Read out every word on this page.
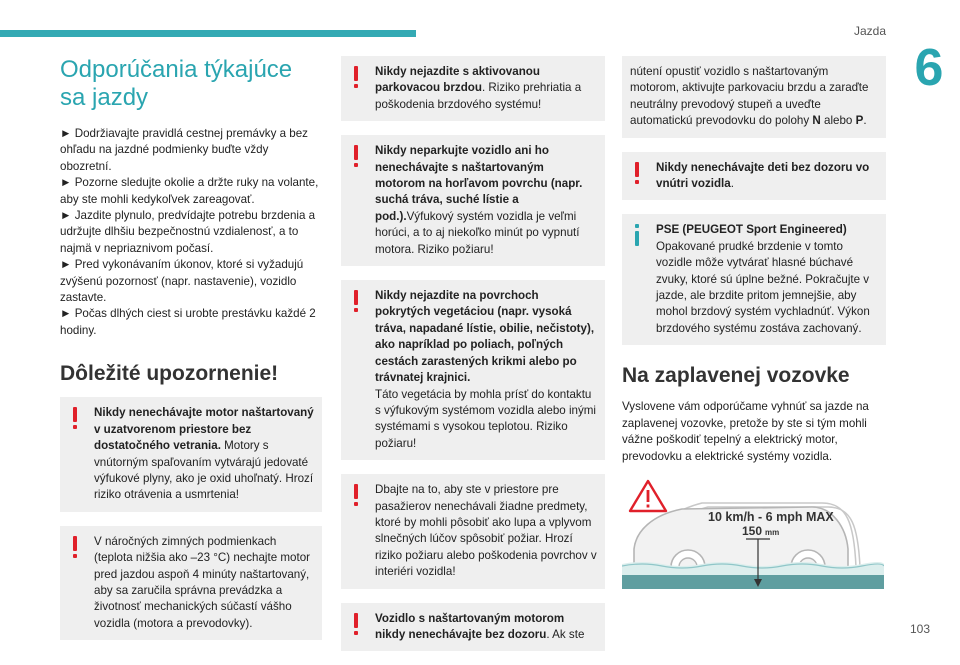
Jazda
6
103
Odporúčania týkajúce sa jazdy
► Dodržiavajte pravidlá cestnej premávky a bez ohľadu na jazdné podmienky buďte vždy obozretní.
► Pozorne sledujte okolie a držte ruky na volante, aby ste mohli kedykoľvek zareagovať.
► Jazdite plynulo, predvídajte potrebu brzdenia a udržujte dlhšiu bezpečnostnú vzdialenosť, a to najmä v nepriaznivom počasí.
► Pred vykonávaním úkonov, ktoré si vyžadujú zvýšenú pozornosť (napr. nastavenie), vozidlo zastavte.
► Počas dlhých ciest si urobte prestávku každé 2 hodiny.
Dôležité upozornenie!
Nikdy nenechávajte motor naštartovaný v uzatvorenom priestore bez dostatočného vetrania. Motory s vnútorným spaľovaním vytvárajú jedovaté výfukové plyny, ako je oxid uhoľnatý. Hrozí riziko otrávenia a usmrtenia!
V náročných zimných podmienkach (teplota nižšia ako –23 °C) nechajte motor pred jazdou aspoň 4 minúty naštartovaný, aby sa zaručila správna prevádzka a životnosť mechanických súčastí vášho vozidla (motora a prevodovky).
Nikdy nejazdite s aktivovanou parkovacou brzdou. Riziko prehriatia a poškodenia brzdového systému!
Nikdy neparkujte vozidlo ani ho nenechávajte s naštartovaným motorom na horľavom povrchu (napr. suchá tráva, suché lístie a pod.).Výfukový systém vozidla je veľmi horúci, a to aj niekoľko minút po vypnutí motora. Riziko požiaru!
Nikdy nejazdite na povrchoch pokrytých vegetáciou (napr. vysoká tráva, napadané lístie, obilie, nečistoty), ako napríklad po poliach, poľných cestách zarastených krikmi alebo po trávnatej krajnici.
Táto vegetácia by mohla prísť do kontaktu s výfukovým systémom vozidla alebo inými systémami s vysokou teplotou. Riziko požiaru!
Dbajte na to, aby ste v priestore pre pasažierov nenechávali žiadne predmety, ktoré by mohli pôsobiť ako lupa a vplyvom slnečných lúčov spôsobiť požiar. Hrozí riziko požiaru alebo poškodenia povrchov v interiéri vozidla!
Vozidlo s naštartovaným motorom nikdy nenechávajte bez dozoru. Ak ste
nútení opustiť vozidlo s naštartovaným motorom, aktivujte parkovaciu brzdu a zaraďte neutrálny prevodový stupeň a uveďte automatickú prevodovku do polohy N alebo P.
Nikdy nenechávajte deti bez dozoru vo vnútri vozidla.
PSE (PEUGEOT Sport Engineered)
Opakované prudké brzdenie v tomto vozidle môže vytvárať hlasné búchavé zvuky, ktoré sú úplne bežné. Pokračujte v jazde, ale brzdite pritom jemnejšie, aby mohol brzdový systém vychladnúť. Výkon brzdového systému zostáva zachovaný.
Na zaplavenej vozovke

Vyslovene vám odporúčame vyhnúť sa jazde na zaplavenej vozovke, pretože by ste si tým mohli vážne poškodiť tepelný a elektrický motor, prevodovku a elektrické systémy vozidla.

10 km/h - 6 mph MAX
150 mm
